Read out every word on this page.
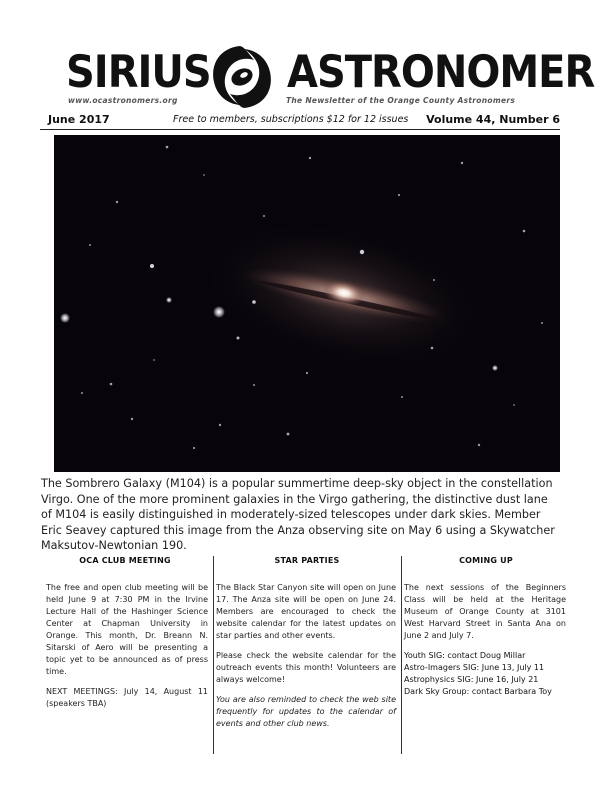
SIRIUS ASTRONOMER
www.ocastronomers.org	The Newsletter of the Orange County Astronomers
June 2017	Free to members, subscriptions $12 for 12 issues Volume 44, Number 6
The Sombrero Galaxy (M104) is a popular summertime deep-sky object in the constellation Virgo. One of the more prominent galaxies in the Virgo gathering, the distinctive dust lane of M104 is easily distinguished in moderately-sized telescopes under dark skies. Member Eric Seavey captured this image from the Anza observing site on May 6 using a Skywatcher Maksutov-Newtonian 190.
OCA CLUB MEETING

The free and open club meeting will be held June 9 at 7:30 PM in the Irvine Lecture Hall of the Hashinger Science Center at Chapman University in Orange. This month, Dr. Breann N. Sitarski of Aero will be presenting a topic yet to be announced as of press time.

NEXT MEETINGS: July 14, August 11 (speakers TBA)

STAR PARTIES

The Black Star Canyon site will open on June 17. The Anza site will be open on June 24. Members are encouraged to check the website calendar for the latest updates on star parties and other events.

Please check the website calendar for the outreach events this month! Volunteers are always welcome!

You are also reminded to check the web site frequently for updates to the calendar of events and other club news.

COMING UP

The next sessions of the Beginners Class will be held at the Heritage Museum of Orange County at 3101 West Harvard Street in Santa Ana on June 2 and July 7.

Youth SIG: contact Doug Millar
Astro-Imagers SIG: June 13, July 11
Astrophysics SIG: June 16, July 21
Dark Sky Group: contact Barbara Toy
